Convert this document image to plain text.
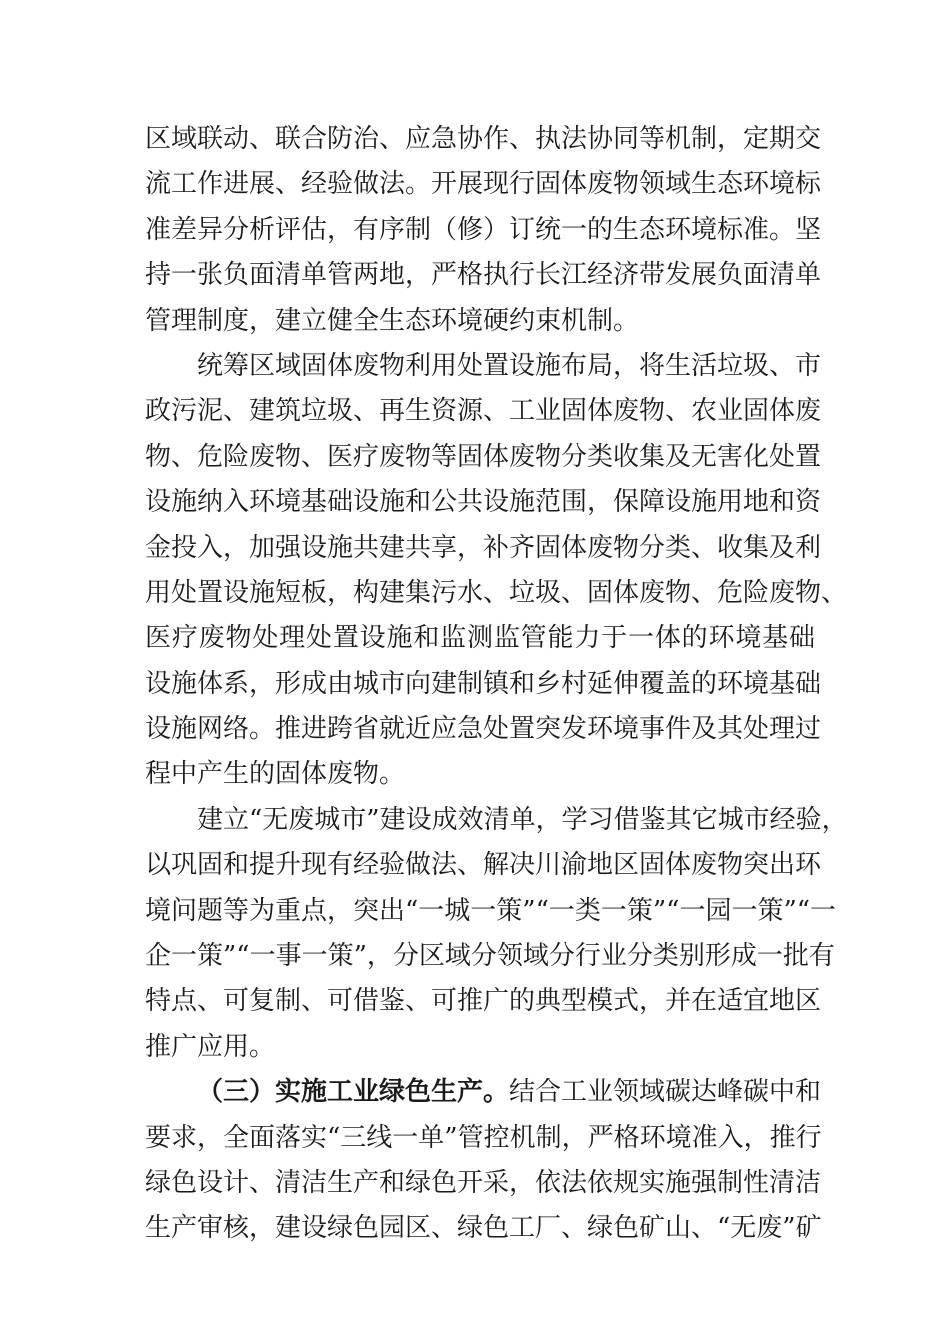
区域联动、联合防治、应急协作、执法协同等机制，定期交
流工作进展、经验做法。开展现行固体废物领域生态环境标
准差异分析评估，有序制（修）订统一的生态环境标准。坚
持一张负面清单管两地，严格执行长江经济带发展负面清单
管理制度，建立健全生态环境硬约束机制。
统筹区域固体废物利用处置设施布局，将生活垃圾、市
政污泥、建筑垃圾、再生资源、工业固体废物、农业固体废
物、危险废物、医疗废物等固体废物分类收集及无害化处置
设施纳入环境基础设施和公共设施范围，保障设施用地和资
金投入，加强设施共建共享，补齐固体废物分类、收集及利
用处置设施短板，构建集污水、垃圾、固体废物、危险废物、
医疗废物处理处置设施和监测监管能力于一体的环境基础
设施体系，形成由城市向建制镇和乡村延伸覆盖的环境基础
设施网络。推进跨省就近应急处置突发环境事件及其处理过
程中产生的固体废物。
建立“无废城市”建设成效清单，学习借鉴其它城市经验，
以巩固和提升现有经验做法、解决川渝地区固体废物突出环
境问题等为重点，突出“一城一策”“一类一策”“一园一策”“一
企一策”“一事一策”，分区域分领域分行业分类别形成一批有
特点、可复制、可借鉴、可推广的典型模式，并在适宜地区
推广应用。
（三）实施工业绿色生产。结合工业领域碳达峰碳中和
要求，全面落实“三线一单”管控机制，严格环境准入，推行
绿色设计、清洁生产和绿色开采，依法依规实施强制性清洁
生产审核，建设绿色园区、绿色工厂、绿色矿山、“无废”矿
